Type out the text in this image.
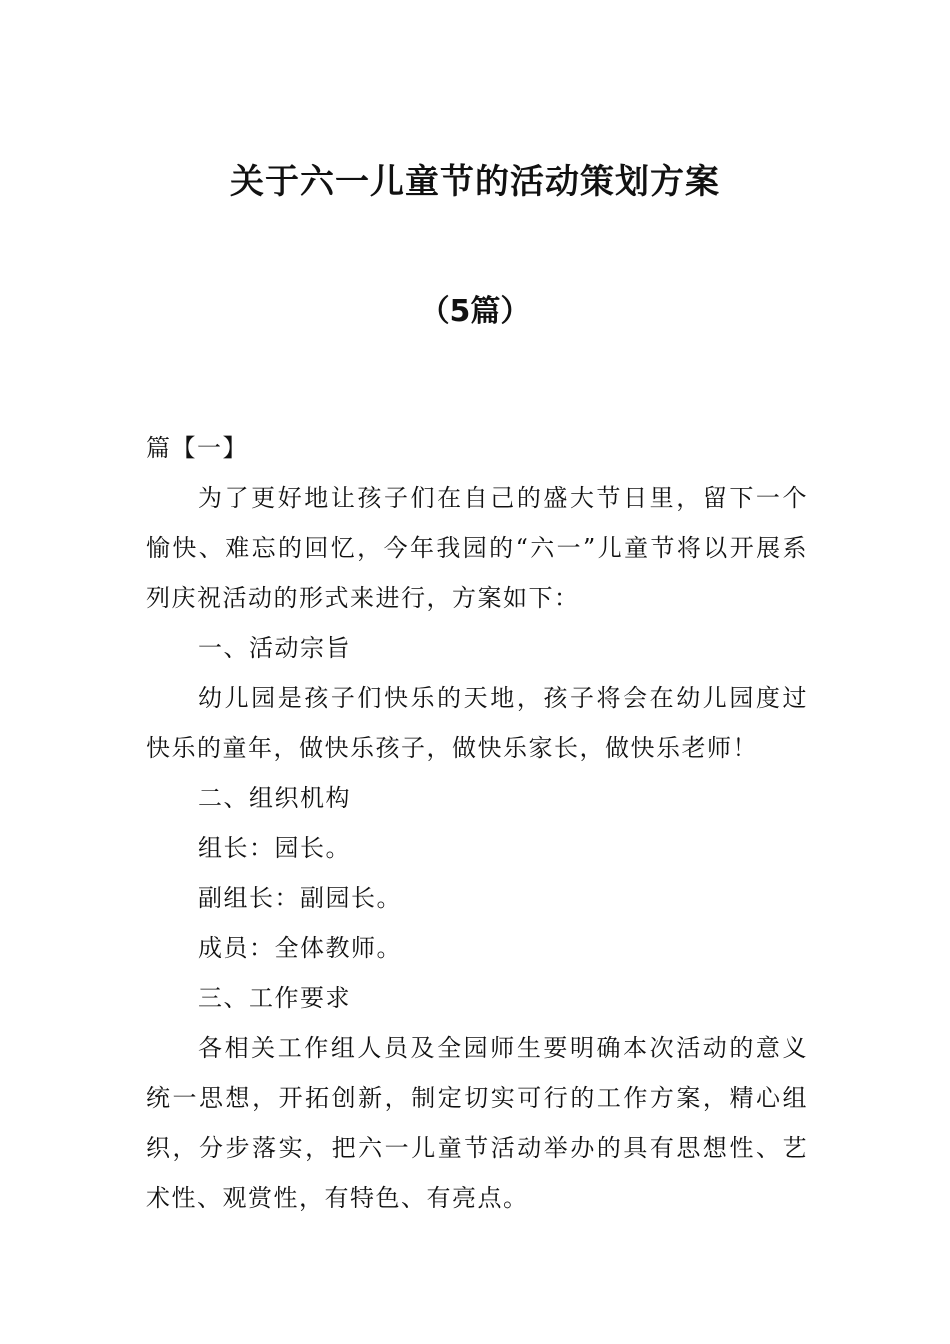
关于六一儿童节的活动策划方案
（5篇）

篇【一】

为了更好地让孩子们在自己的盛大节日里，留下一个愉快、难忘的回忆，今年我园的“六一”儿童节将以开展系列庆祝活动的形式来进行，方案如下：

一、活动宗旨

幼儿园是孩子们快乐的天地，孩子将会在幼儿园度过快乐的童年，做快乐孩子，做快乐家长，做快乐老师！

二、组织机构

组长：园长。

副组长：副园长。

成员：全体教师。

三、工作要求

各相关工作组人员及全园师生要明确本次活动的意义统一思想，开拓创新，制定切实可行的工作方案，精心组织，分步落实，把六一儿童节活动举办的具有思想性、艺术性、观赏性，有特色、有亮点。
